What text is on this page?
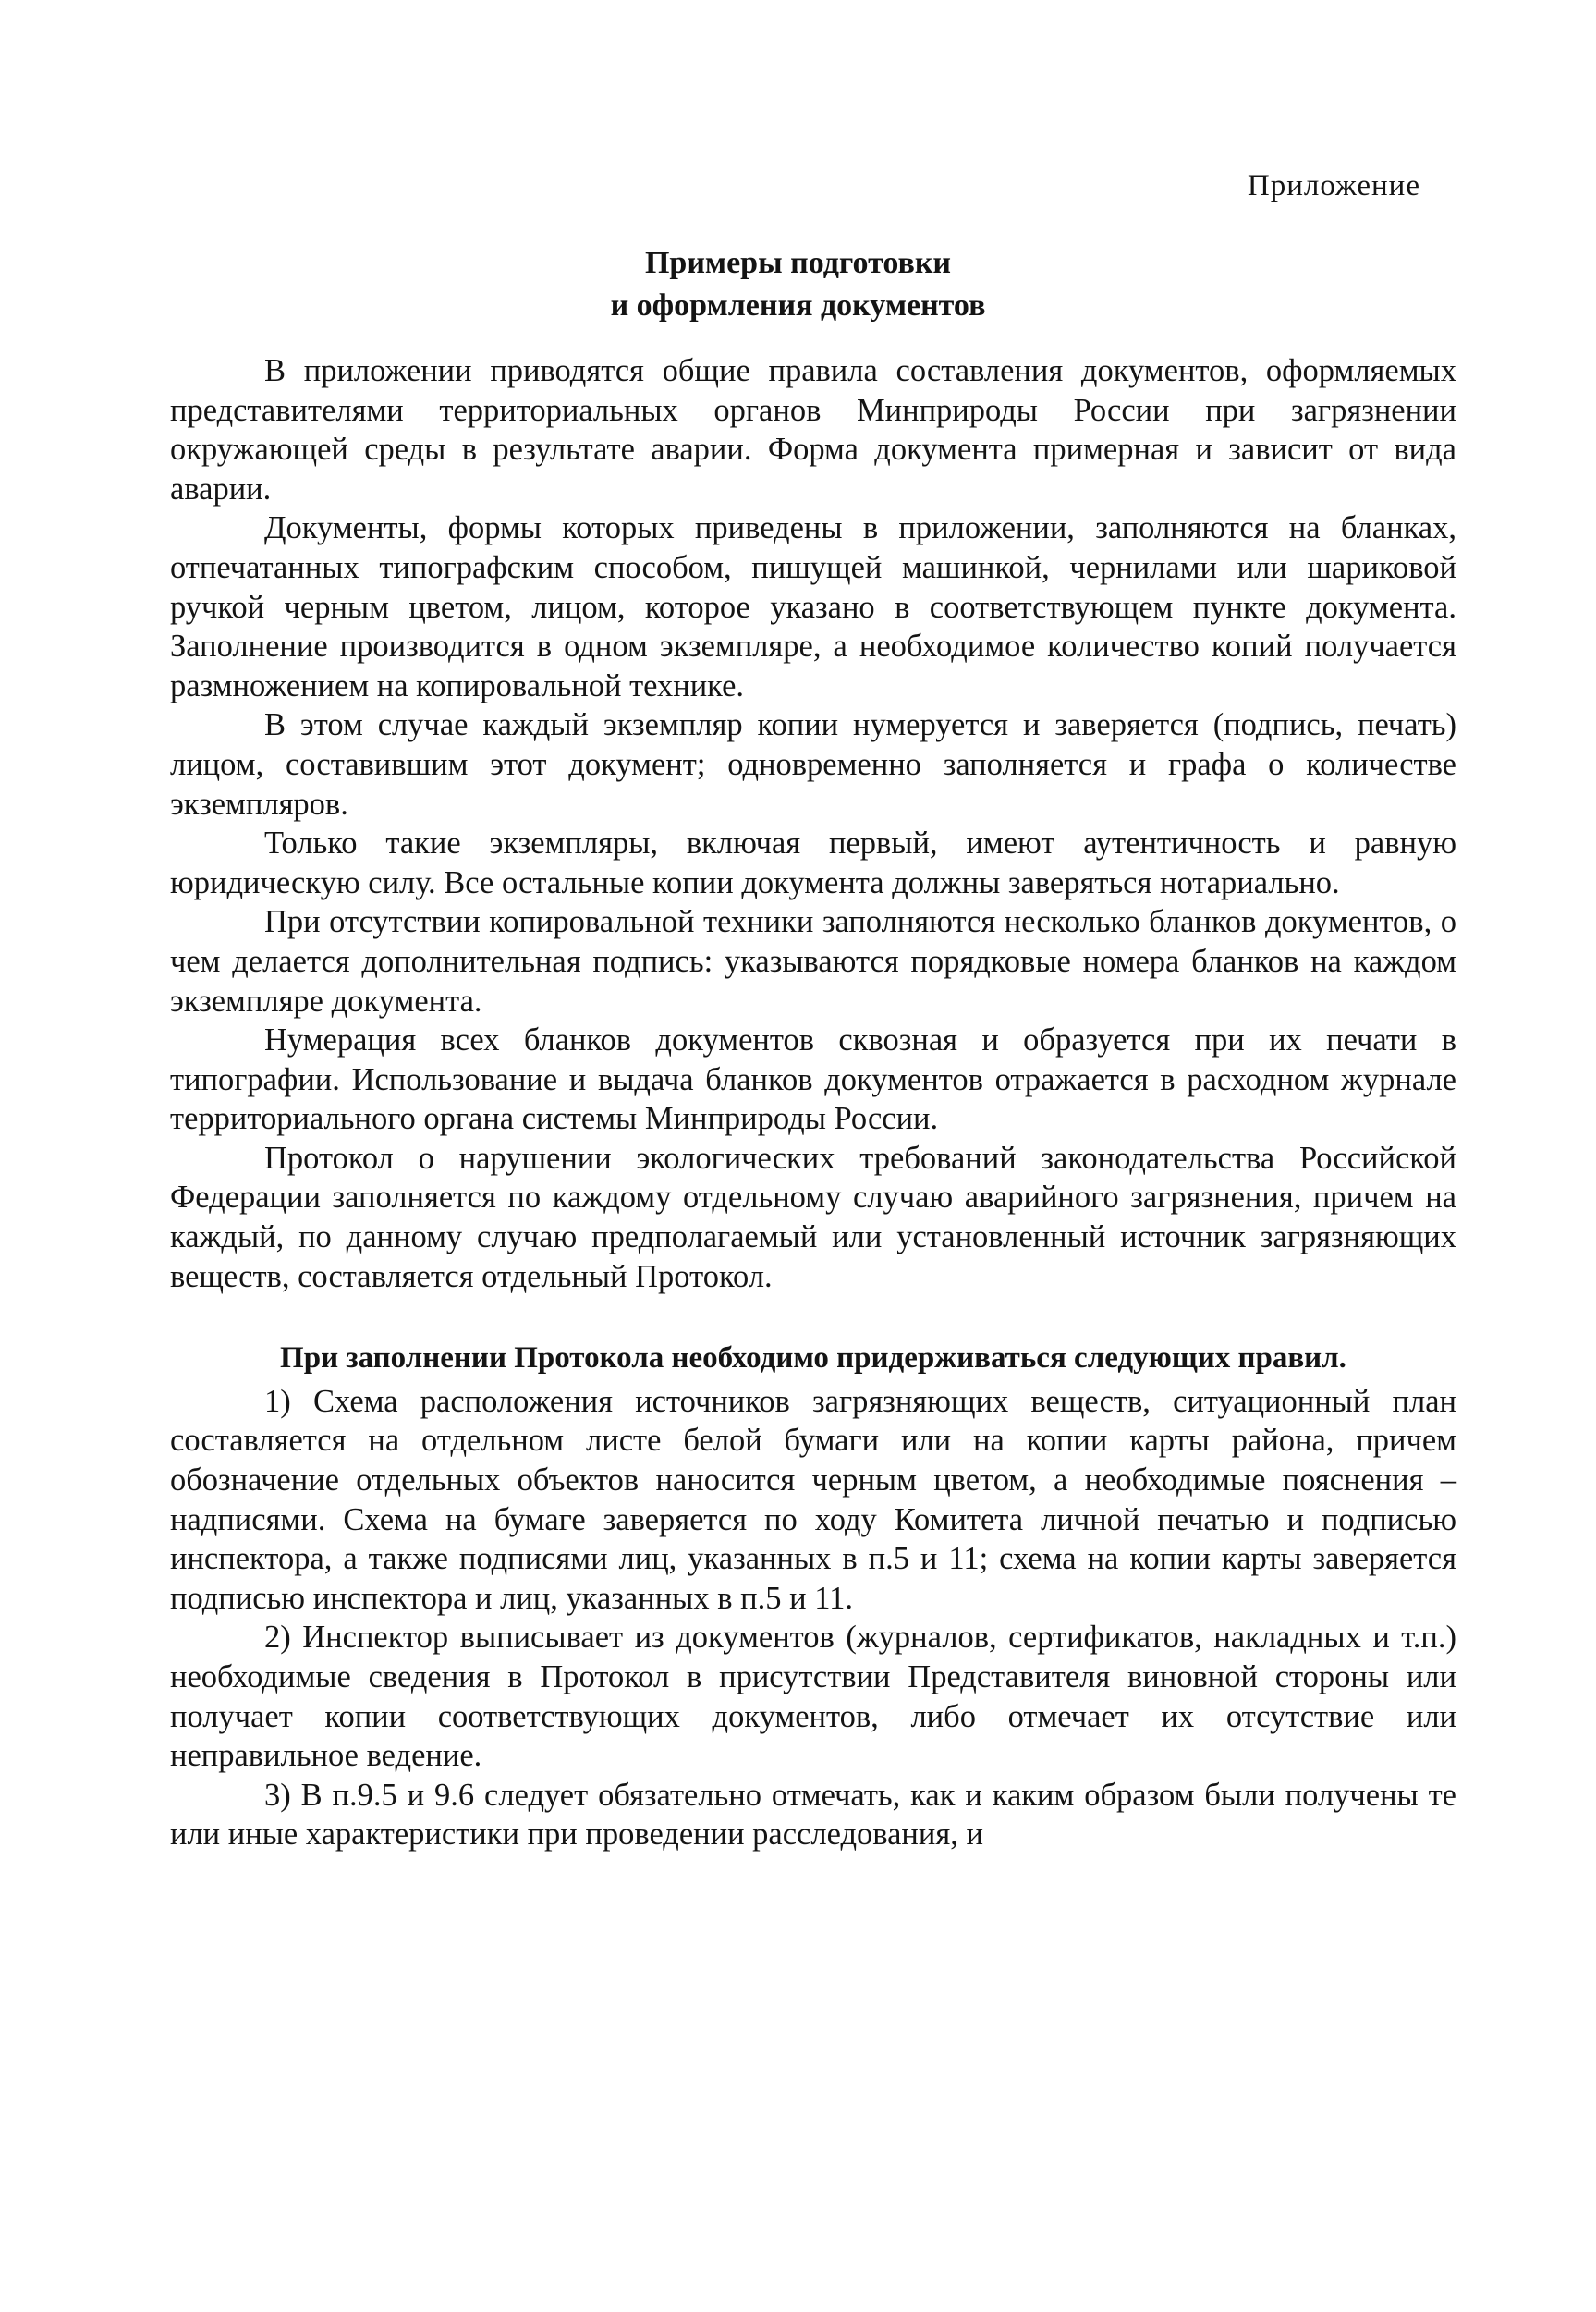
Приложение
Примеры подготовки
и оформления документов

В приложении приводятся общие правила составления документов, оформляемых представителями территориальных органов Минприроды России при загрязнении окружающей среды в результате аварии. Форма документа примерная и зависит от вида аварии.

Документы, формы которых приведены в приложении, заполняются на бланках, отпечатанных типографским способом, пишущей машинкой, чернилами или шариковой ручкой черным цветом, лицом, которое указано в соответствующем пункте документа. Заполнение производится в одном экземпляре, а необходимое количество копий получается размножением на копировальной технике.

В этом случае каждый экземпляр копии нумеруется и заверяется (подпись, печать) лицом, составившим этот документ; одновременно заполняется и графа о количестве экземпляров.

Только такие экземпляры, включая первый, имеют аутентичность и равную юридическую силу. Все остальные копии документа должны заверяться нотариально.

При отсутствии копировальной техники заполняются несколько бланков документов, о чем делается дополнительная подпись: указываются порядковые номера бланков на каждом экземпляре документа.

Нумерация всех бланков документов сквозная и образуется при их печати в типографии. Использование и выдача бланков документов отражается в расходном журнале территориального органа системы Минприроды России.

Протокол о нарушении экологических требований законодательства Российской Федерации заполняется по каждому отдельному случаю аварийного загрязнения, причем на каждый, по данному случаю предполагаемый или установленный источник загрязняющих веществ, составляется отдельный Протокол.

При заполнении Протокола необходимо придерживаться следующих правил.

1) Схема расположения источников загрязняющих веществ, ситуационный план составляется на отдельном листе белой бумаги или на копии карты района, причем обозначение отдельных объектов наносится черным цветом, а необходимые пояснения – надписями. Схема на бумаге заверяется по ходу Комитета личной печатью и подписью инспектора, а также подписями лиц, указанных в п.5 и 11; схема на копии карты заверяется подписью инспектора и лиц, указанных в п.5 и 11.

2) Инспектор выписывает из документов (журналов, сертификатов, накладных и т.п.) необходимые сведения в Протокол в присутствии Представителя виновной стороны или получает копии соответствующих документов, либо отмечает их отсутствие или неправильное ведение.

3) В п.9.5 и 9.6 следует обязательно отмечать, как и каким образом были получены те или иные характеристики при проведении расследования, и
